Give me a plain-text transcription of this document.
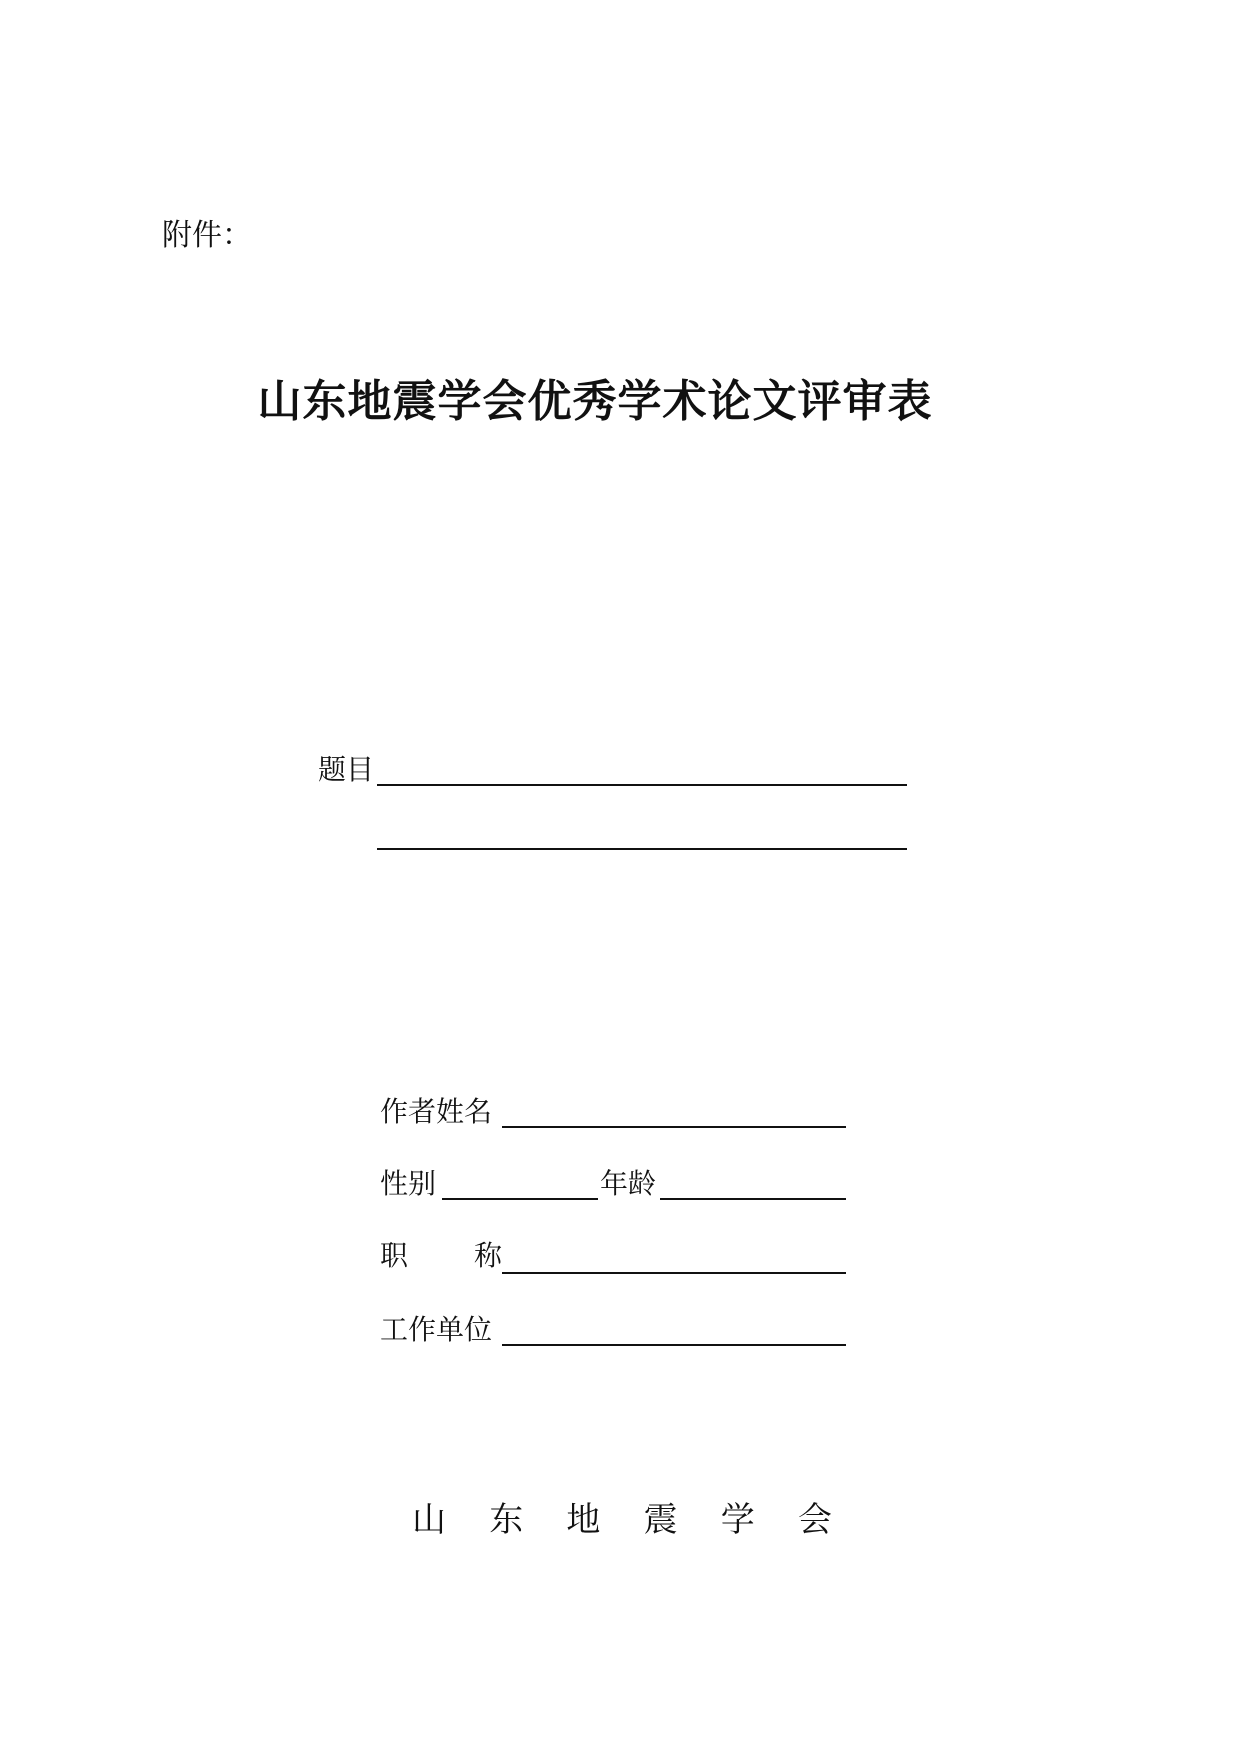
附件：
山东地震学会优秀学术论文评审表
题目
作者姓名
性别	年龄
职 称
工作单位
山 东 地 震 学 会
